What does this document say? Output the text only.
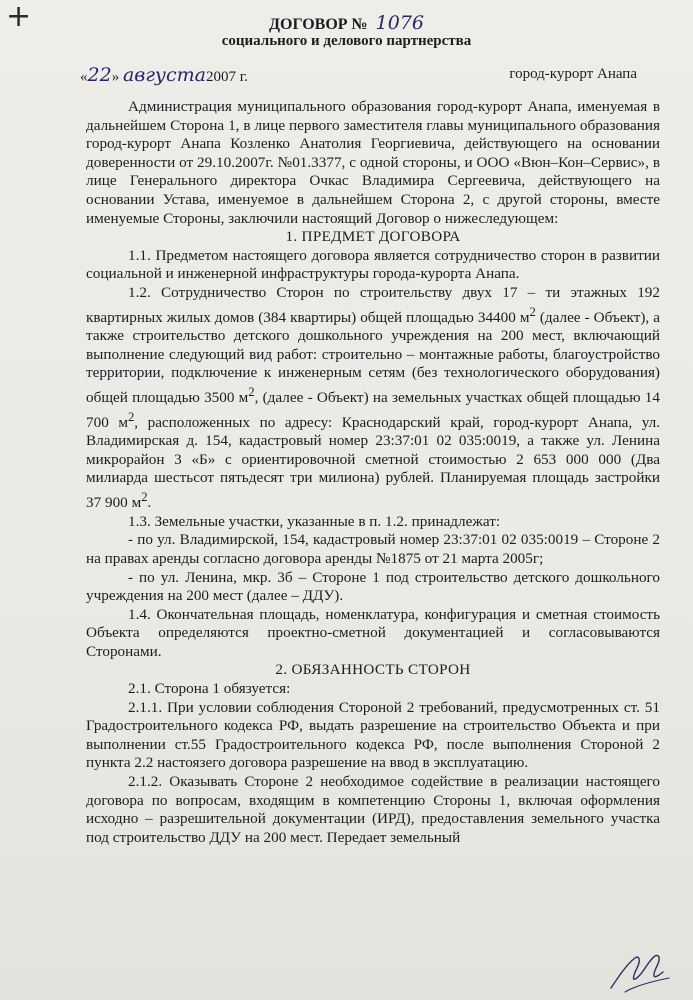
+	ДОГОВОР № 1076
социального и делового партнерства
«22» августа2007 г.	город-курорт Анапа

Администрация муниципального образования город-курорт Анапа, именуемая в дальнейшем Сторона 1, в лице первого заместителя главы муниципального образования город-курорт Анапа Козленко Анатолия Георгиевича, действующего на основании доверенности от 29.10.2007г. №01.3377, с одной стороны, и ООО «Вюн–Кон–Сервис», в лице Генерального директора Очкас Владимира Сергеевича, действующего на основании Устава, именуемое в дальнейшем Сторона 2, с другой стороны, вместе именуемые Стороны, заключили настоящий Договор о нижеследующем:

1. ПРЕДМЕТ ДОГОВОРА

1.1. Предметом настоящего договора является сотрудничество сторон в развитии социальной и инженерной инфраструктуры города-курорта Анапа.

1.2. Сотрудничество Сторон по строительству двух 17 – ти этажных 192 квартирных жилых домов (384 квартиры) общей площадью 34400 $м^2$ (далее - Объект), а также строительство детского дошкольного учреждения на 200 мест, включающий выполнение следующий вид работ: строительно – монтажные работы, благоустройство территории, подключение к инженерным сетям (без технологического оборудования) общей площадью 3500 $м^2$, (далее - Объект) на земельных участках общей площадью 14 700 $м^2$, расположенных по адресу: Краснодарский край, город-курорт Анапа, ул. Владимирская д. 154, кадастровый номер 23:37:01 02 035:0019, а также ул. Ленина микрорайон 3 «Б» с ориентировочной сметной стоимостью 2 653 000 000 (Два милиарда шестьсот пятьдесят три милиона) рублей. Планируемая площадь застройки 37 900 $м^2$.

1.3. Земельные участки, указанные в п. 1.2. принадлежат:

- по ул. Владимирской, 154, кадастровый номер 23:37:01 02 035:0019 – Стороне 2 на правах аренды согласно договора аренды №1875 от 21 марта 2005г;

- по ул. Ленина, мкр. 3б – Стороне 1 под строительство детского дошкольного учреждения на 200 мест (далее – ДДУ).

1.4. Окончательная площадь, номенклатура, конфигурация и сметная стоимость Объекта определяются проектно-сметной документацией и согласовываются Сторонами.

2. ОБЯЗАННОСТЬ СТОРОН

2.1. Сторона 1 обязуется:

2.1.1. При условии соблюдения Стороной 2 требований, предусмотренных ст. 51 Градостроительного кодекса РФ, выдать разрешение на строительство Объекта и при выполнении ст.55 Градостроительного кодекса РФ, после выполнения Стороной 2 пункта 2.2 настоязего договора разрешение на ввод в эксплуатацию.

2.1.2. Оказывать Стороне 2 необходимое содействие в реализации настоящего договора по вопросам, входящим в компетенцию Стороны 1, включая оформления исходно – разрешительной документации (ИРД), предоставления земельного участка под строительство ДДУ на 200 мест. Передает земельный
